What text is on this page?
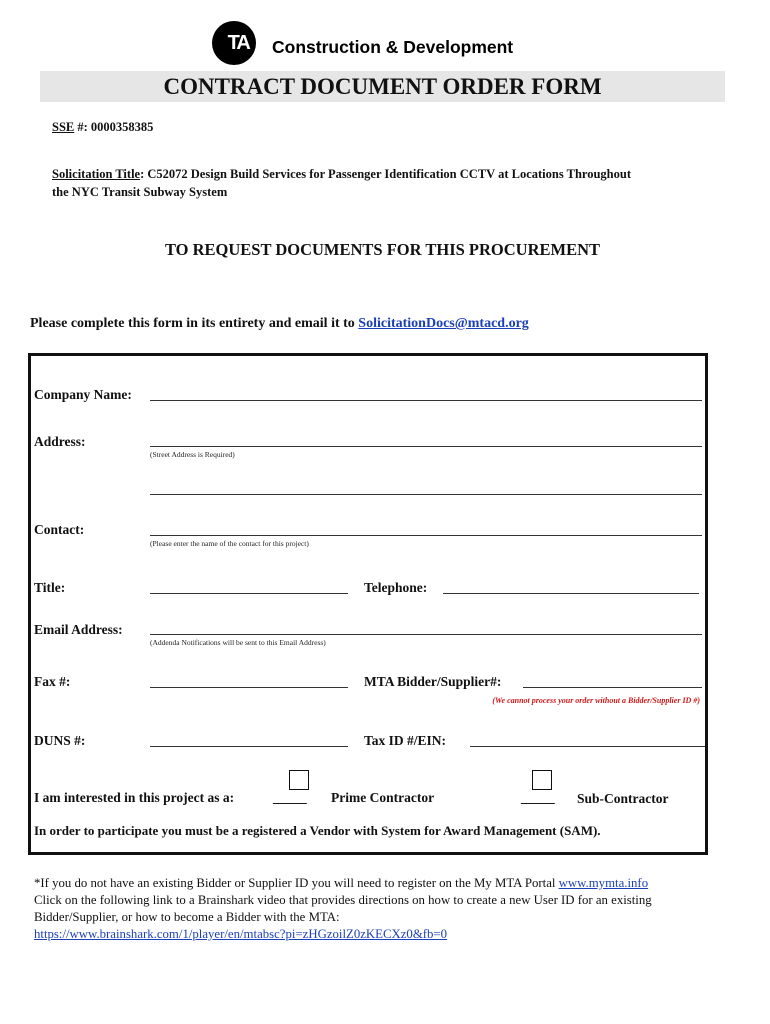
MTA	Construction & Development
CONTRACT DOCUMENT ORDER FORM
SSE #: 0000358385
Solicitation Title: C52072 Design Build Services for Passenger Identification CCTV at Locations Throughout
the NYC Transit Subway System
TO REQUEST DOCUMENTS FOR THIS PROCUREMENT
Please complete this form in its entirety and email it to SolicitationDocs@mtacd.org
Company Name:
Address:
(Street Address is Required)
Contact:
(Please enter the name of the contact for this project)
Title:	Telephone:
Email Address:
(Addenda Notifications will be sent to this Email Address)
Fax #:	MTA Bidder/Supplier#:
(We cannot process your order without a Bidder/Supplier ID #)
DUNS #:	Tax ID #/EIN:
I am interested in this project as a:	_____ Prime Contractor	_____ Sub-Contractor
In order to participate you must be a registered a Vendor with System for Award Management (SAM).
*If you do not have an existing Bidder or Supplier ID you will need to register on the My MTA Portal www.mymta.info
Click on the following link to a Brainshark video that provides directions on how to create a new User ID for an existing
Bidder/Supplier, or how to become a Bidder with the MTA:
https://www.brainshark.com/1/player/en/mtabsc?pi=zHGzoilZ0zKECXz0&fb=0
